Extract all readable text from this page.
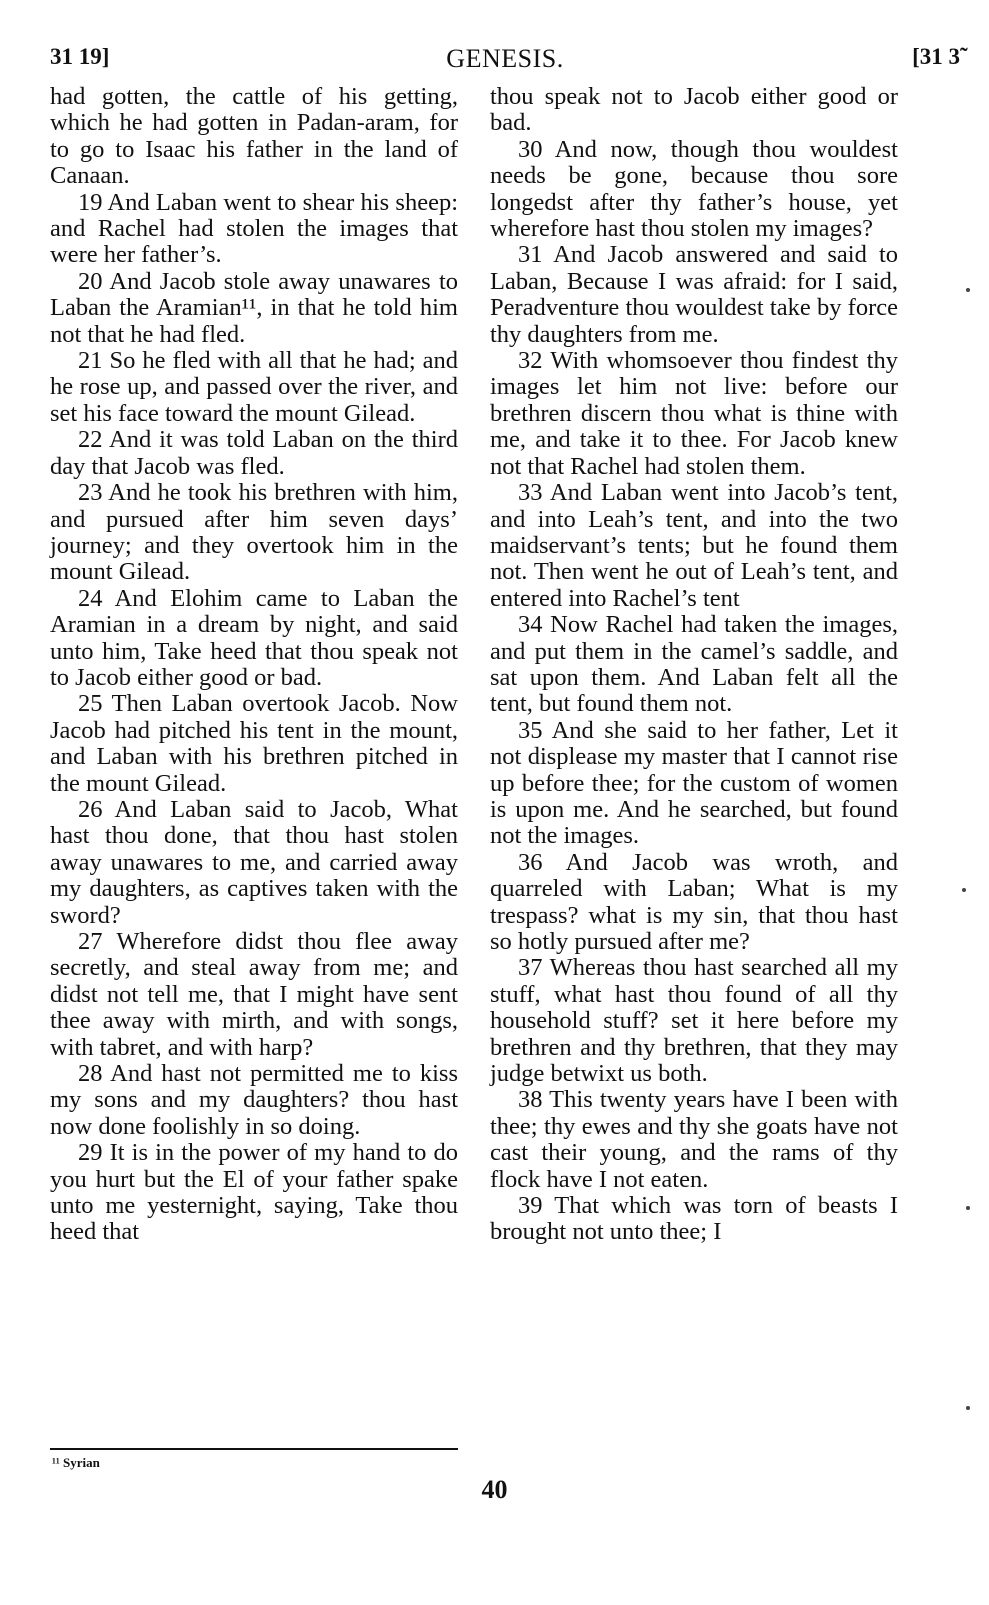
31 19]	GENESIS.	[31 3̃

had gotten, the cattle of his getting, which he had gotten in Padan-aram, for to go to Isaac his father in the land of Canaan.

19 And Laban went to shear his sheep: and Rachel had stolen the images that were her father’s.

20 And Jacob stole away unawares to Laban the Aramian¹¹, in that he told him not that he had fled.

21 So he fled with all that he had; and he rose up, and passed over the river, and set his face toward the mount Gilead.

22 And it was told Laban on the third day that Jacob was fled.

23 And he took his brethren with him, and pursued after him seven days’ journey; and they overtook him in the mount Gilead.

24 And Elohim came to Laban the Aramian in a dream by night, and said unto him, Take heed that thou speak not to Jacob either good or bad.

25 Then Laban overtook Jacob. Now Jacob had pitched his tent in the mount, and Laban with his brethren pitched in the mount Gilead.

26 And Laban said to Jacob, What hast thou done, that thou hast stolen away unawares to me, and carried away my daughters, as captives taken with the sword?

27 Wherefore didst thou flee away secretly, and steal away from me; and didst not tell me, that I might have sent thee away with mirth, and with songs, with tabret, and with harp?

28 And hast not permitted me to kiss my sons and my daughters? thou hast now done foolishly in so doing.

29 It is in the power of my hand to do you hurt but the El of your father spake unto me yesternight, saying, Take thou heed that

thou speak not to Jacob either good or bad.

30 And now, though thou wouldest needs be gone, because thou sore longedst after thy father’s house, yet wherefore hast thou stolen my images?

31 And Jacob answered and said to Laban, Because I was afraid: for I said, Peradventure thou wouldest take by force thy daughters from me.

32 With whomsoever thou findest thy images let him not live: before our brethren discern thou what is thine with me, and take it to thee. For Jacob knew not that Rachel had stolen them.

33 And Laban went into Jacob’s tent, and into Leah’s tent, and into the two maidservant’s tents; but he found them not. Then went he out of Leah’s tent, and entered into Rachel’s tent

34 Now Rachel had taken the images, and put them in the camel’s saddle, and sat upon them. And Laban felt all the tent, but found them not.

35 And she said to her father, Let it not displease my master that I cannot rise up before thee; for the custom of women is upon me. And he searched, but found not the images.

36 And Jacob was wroth, and quarreled with Laban; What is my trespass? what is my sin, that thou hast so hotly pursued after me?

37 Whereas thou hast searched all my stuff, what hast thou found of all thy household stuff? set it here before my brethren and thy brethren, that they may judge betwixt us both.

38 This twenty years have I been with thee; thy ewes and thy she goats have not cast their young, and the rams of thy flock have I not eaten.

39 That which was torn of beasts I brought not unto thee; I

¹¹ Syrian
40
